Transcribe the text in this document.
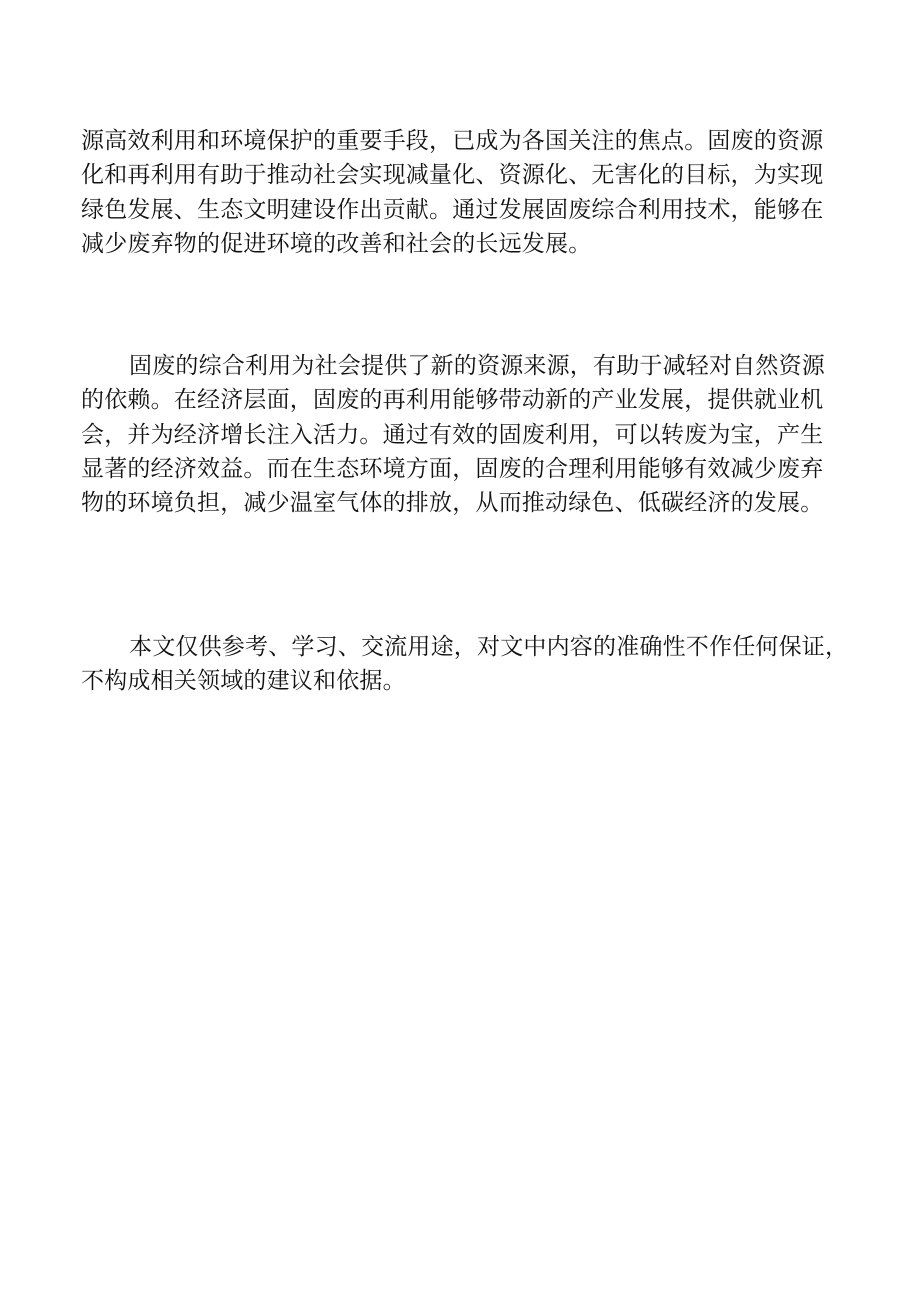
源高效利用和环境保护的重要手段，已成为各国关注的焦点。固废的资源
化和再利用有助于推动社会实现减量化、资源化、无害化的目标，为实现
绿色发展、生态文明建设作出贡献。通过发展固废综合利用技术，能够在
减少废弃物的促进环境的改善和社会的长远发展。

固废的综合利用为社会提供了新的资源来源，有助于减轻对自然资源
的依赖。在经济层面，固废的再利用能够带动新的产业发展，提供就业机
会，并为经济增长注入活力。通过有效的固废利用，可以转废为宝，产生
显著的经济效益。而在生态环境方面，固废的合理利用能够有效减少废弃
物的环境负担，减少温室气体的排放，从而推动绿色、低碳经济的发展。

本文仅供参考、学习、交流用途，对文中内容的准确性不作任何保证，
不构成相关领域的建议和依据。
